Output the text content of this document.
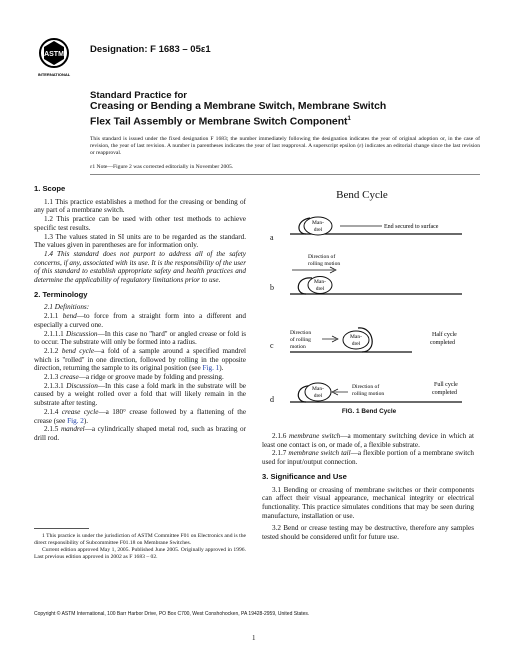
ASTM
INTERNATIONAL
Designation: F 1683 – 05ε1
Standard Practice for
Creasing or Bending a Membrane Switch, Membrane Switch
Flex Tail Assembly or Membrane Switch Component$^1$
This standard is issued under the fixed designation F 1683; the number immediately following the designation indicates the year of original adoption or, in the case of revision, the year of last revision. A number in parentheses indicates the year of last reapproval. A superscript epsilon (ε) indicates an editorial change since the last revision or reapproval.
ε1 Note—Figure 2 was corrected editorially in November 2005.
1. Scope

1.1 This practice establishes a method for the creasing or bending of any part of a membrane switch.

1.2 This practice can be used with other test methods to achieve specific test results.

1.3 The values stated in SI units are to be regarded as the standard. The values given in parentheses are for information only.

1.4 This standard does not purport to address all of the safety concerns, if any, associated with its use. It is the responsibility of the user of this standard to establish appropriate safety and health practices and determine the applicability of regulatory limitations prior to use.

2. Terminology

2.1 Definitions:

2.1.1 bend—to force from a straight form into a different and especially a curved one.

2.1.1.1 Discussion—In this case no ''hard'' or angled crease or fold is to occur. The substrate will only be formed into a radius.

2.1.2 bend cycle—a fold of a sample around a specified mandrel which is ''rolled'' in one direction, followed by rolling in the opposite direction, returning the sample to its original position (see Fig. 1).

2.1.3 crease—a ridge or groove made by folding and pressing.

2.1.3.1 Discussion—In this case a fold mark in the substrate will be caused by a weight rolled over a fold that will likely remain in the substrate after testing.

2.1.4 crease cycle—a 180° crease followed by a flattening of the crease (see Fig. 2).

2.1.5 mandrel—a cylindrically shaped metal rod, such as brazing or drill rod.

1 This practice is under the jurisdiction of ASTM Committee F01 on Electronics and is the direct responsibility of Subcommittee F01.18 on Membrane Switches.
Current edition approved May 1, 2005. Published June 2005. Originally approved in 1996. Last previous edition approved in 2002 as F 1683 – 02.
Bend Cycle
a
Man-
drel	End secured to surface
b
Direction of
rolling motion
Man-
drel
c
Direction
of rolling
motion
Man-
drel
Half cycle
completed
d
Man-
drel
Direction of
rolling motion
Full cycle
completed
FIG. 1 Bend Cycle

2.1.6 membrane switch—a momentary switching device in which at least one contact is on, or made of, a flexible substrate.

2.1.7 membrane switch tail—a flexible portion of a membrane switch used for input/output connection.

3. Significance and Use

3.1 Bending or creasing of membrane switches or their components can affect their visual appearance, mechanical integrity or electrical functionality. This practice simulates conditions that may be seen during manufacture, installation or use.

3.2 Bend or crease testing may be destructive, therefore any samples tested should be considered unfit for future use.

Copyright © ASTM International, 100 Barr Harbor Drive, PO Box C700, West Conshohocken, PA 19428-2959, United States.
1
